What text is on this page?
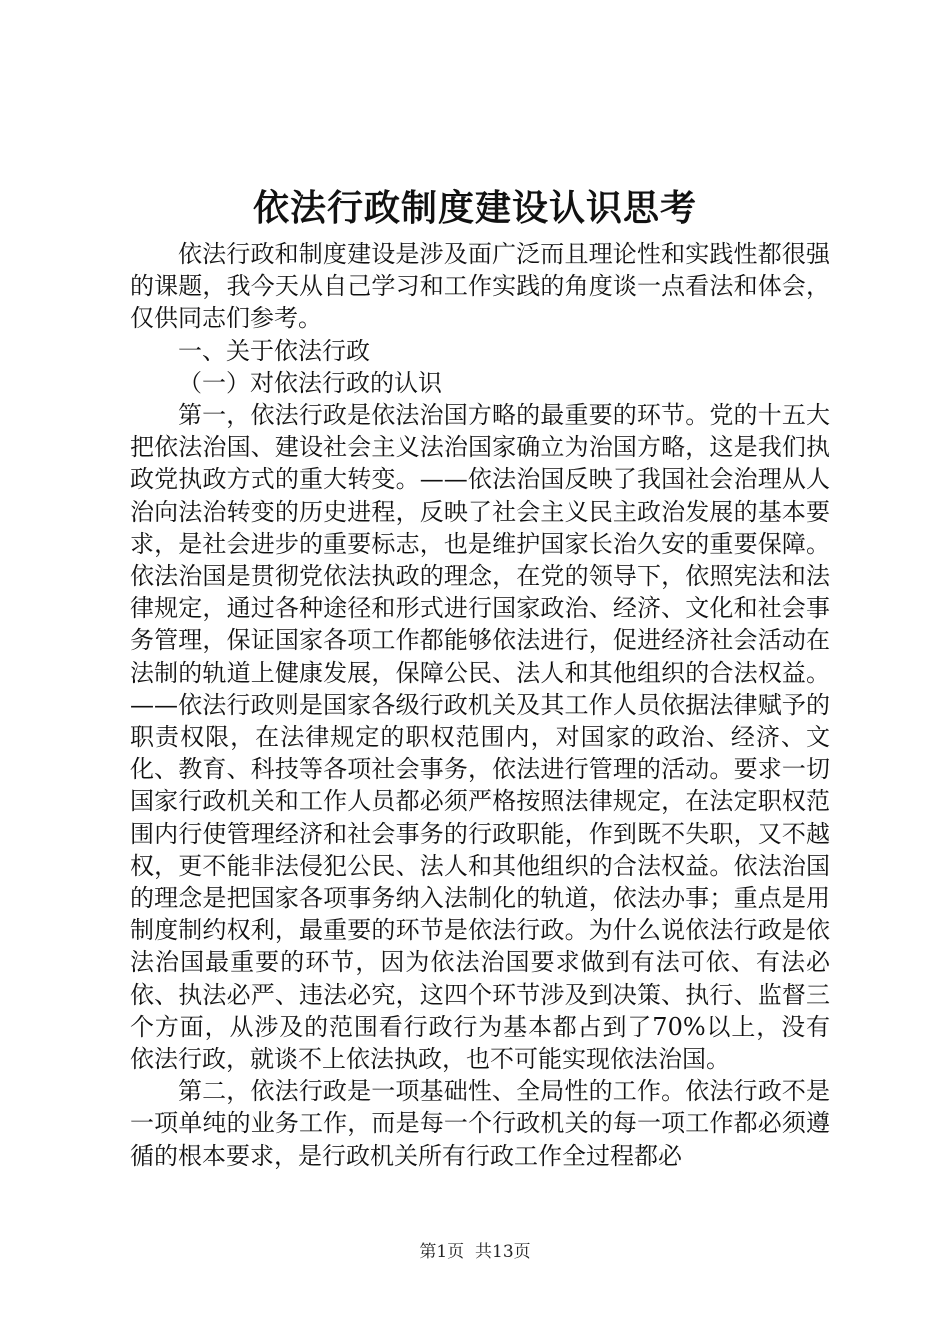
依法行政制度建设认识思考

依法行政和制度建设是涉及面广泛而且理论性和实践性都很强的课题，我今天从自己学习和工作实践的角度谈一点看法和体会，仅供同志们参考。

一、关于依法行政

（一）对依法行政的认识

第一，依法行政是依法治国方略的最重要的环节。党的十五大把依法治国、建设社会主义法治国家确立为治国方略，这是我们执政党执政方式的重大转变。——依法治国反映了我国社会治理从人治向法治转变的历史进程，反映了社会主义民主政治发展的基本要求，是社会进步的重要标志，也是维护国家长治久安的重要保障。依法治国是贯彻党依法执政的理念，在党的领导下，依照宪法和法律规定，通过各种途径和形式进行国家政治、经济、文化和社会事务管理，保证国家各项工作都能够依法进行，促进经济社会活动在法制的轨道上健康发展，保障公民、法人和其他组织的合法权益。——依法行政则是国家各级行政机关及其工作人员依据法律赋予的职责权限，在法律规定的职权范围内，对国家的政治、经济、文化、教育、科技等各项社会事务，依法进行管理的活动。要求一切国家行政机关和工作人员都必须严格按照法律规定，在法定职权范围内行使管理经济和社会事务的行政职能，作到既不失职，又不越权，更不能非法侵犯公民、法人和其他组织的合法权益。依法治国的理念是把国家各项事务纳入法制化的轨道，依法办事；重点是用制度制约权利，最重要的环节是依法行政。为什么说依法行政是依法治国最重要的环节，因为依法治国要求做到有法可依、有法必依、执法必严、违法必究，这四个环节涉及到决策、执行、监督三个方面，从涉及的范围看行政行为基本都占到了70%以上，没有依法行政，就谈不上依法执政，也不可能实现依法治国。

第二，依法行政是一项基础性、全局性的工作。依法行政不是一项单纯的业务工作，而是每一个行政机关的每一项工作都必须遵循的根本要求，是行政机关所有行政工作全过程都必

第1页 共13页
